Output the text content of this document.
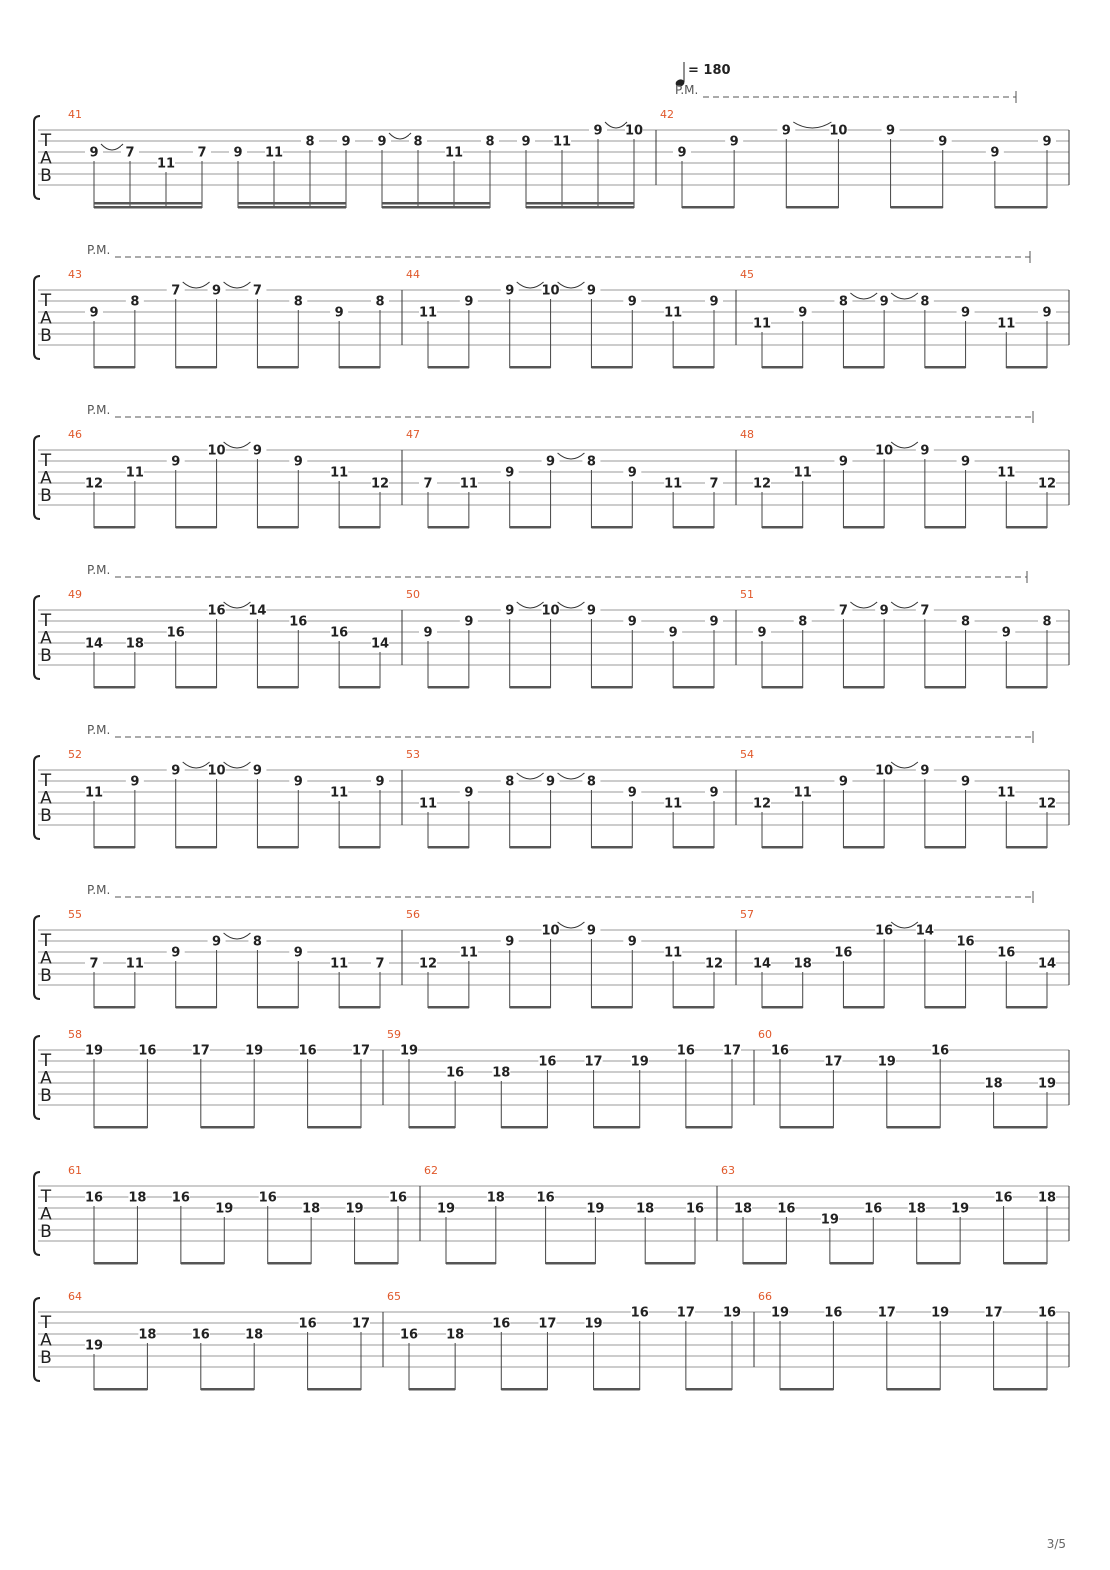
= 180
T
A
B
P.M.
41
9 7
11
7 9 11
8 9 9 8
11
8 9 11
9 10
42
9
9
9	10	9
9
9
9
T
A
B
P.M.
43
9
8
7 9 7
8
9
8
44
11
9
9 10 9
9
11
9
45
11
9
8 9 8
9
11
9
T
A
B
P.M.
46
12
11
9
10 9
9
11
12
47
7 11
9
9 8
9
11 7
48
12
11
9
10 9
9
11
12
T
A
B
P.M.
49
14 18
16
16 14
16
16
14
50
9
9
9 10 9
9
9
9
51
9
8
7 9 7
8
9
8
T
A
B
P.M.
52
11
9
9 10 9
9
11
9
53
11
9
8 9 8
9
11
9
54
12
11
9
10 9
9
11
12
T
A
B
P.M.
55
7 11
9
9 8
9
11 7
56
12
11
9
10 9
9
11
12
57
14 18
16
16 14
16
16
14
T
A
B
58
19	16	17	19	16	17
59
19
16 18
16 17 19
16 17
60
16
17	19
16
18	19
T
A
B
61
16 18 16
19
16
18 19
16
62
19
18 16
19 18 16
63
18 16
19
16 18 19
16 18
T
A
B
64
19
18	16	18
16	17
65
16 18
16 17 19
16 17 19
66
19	16	17	19	17	16
3/5
